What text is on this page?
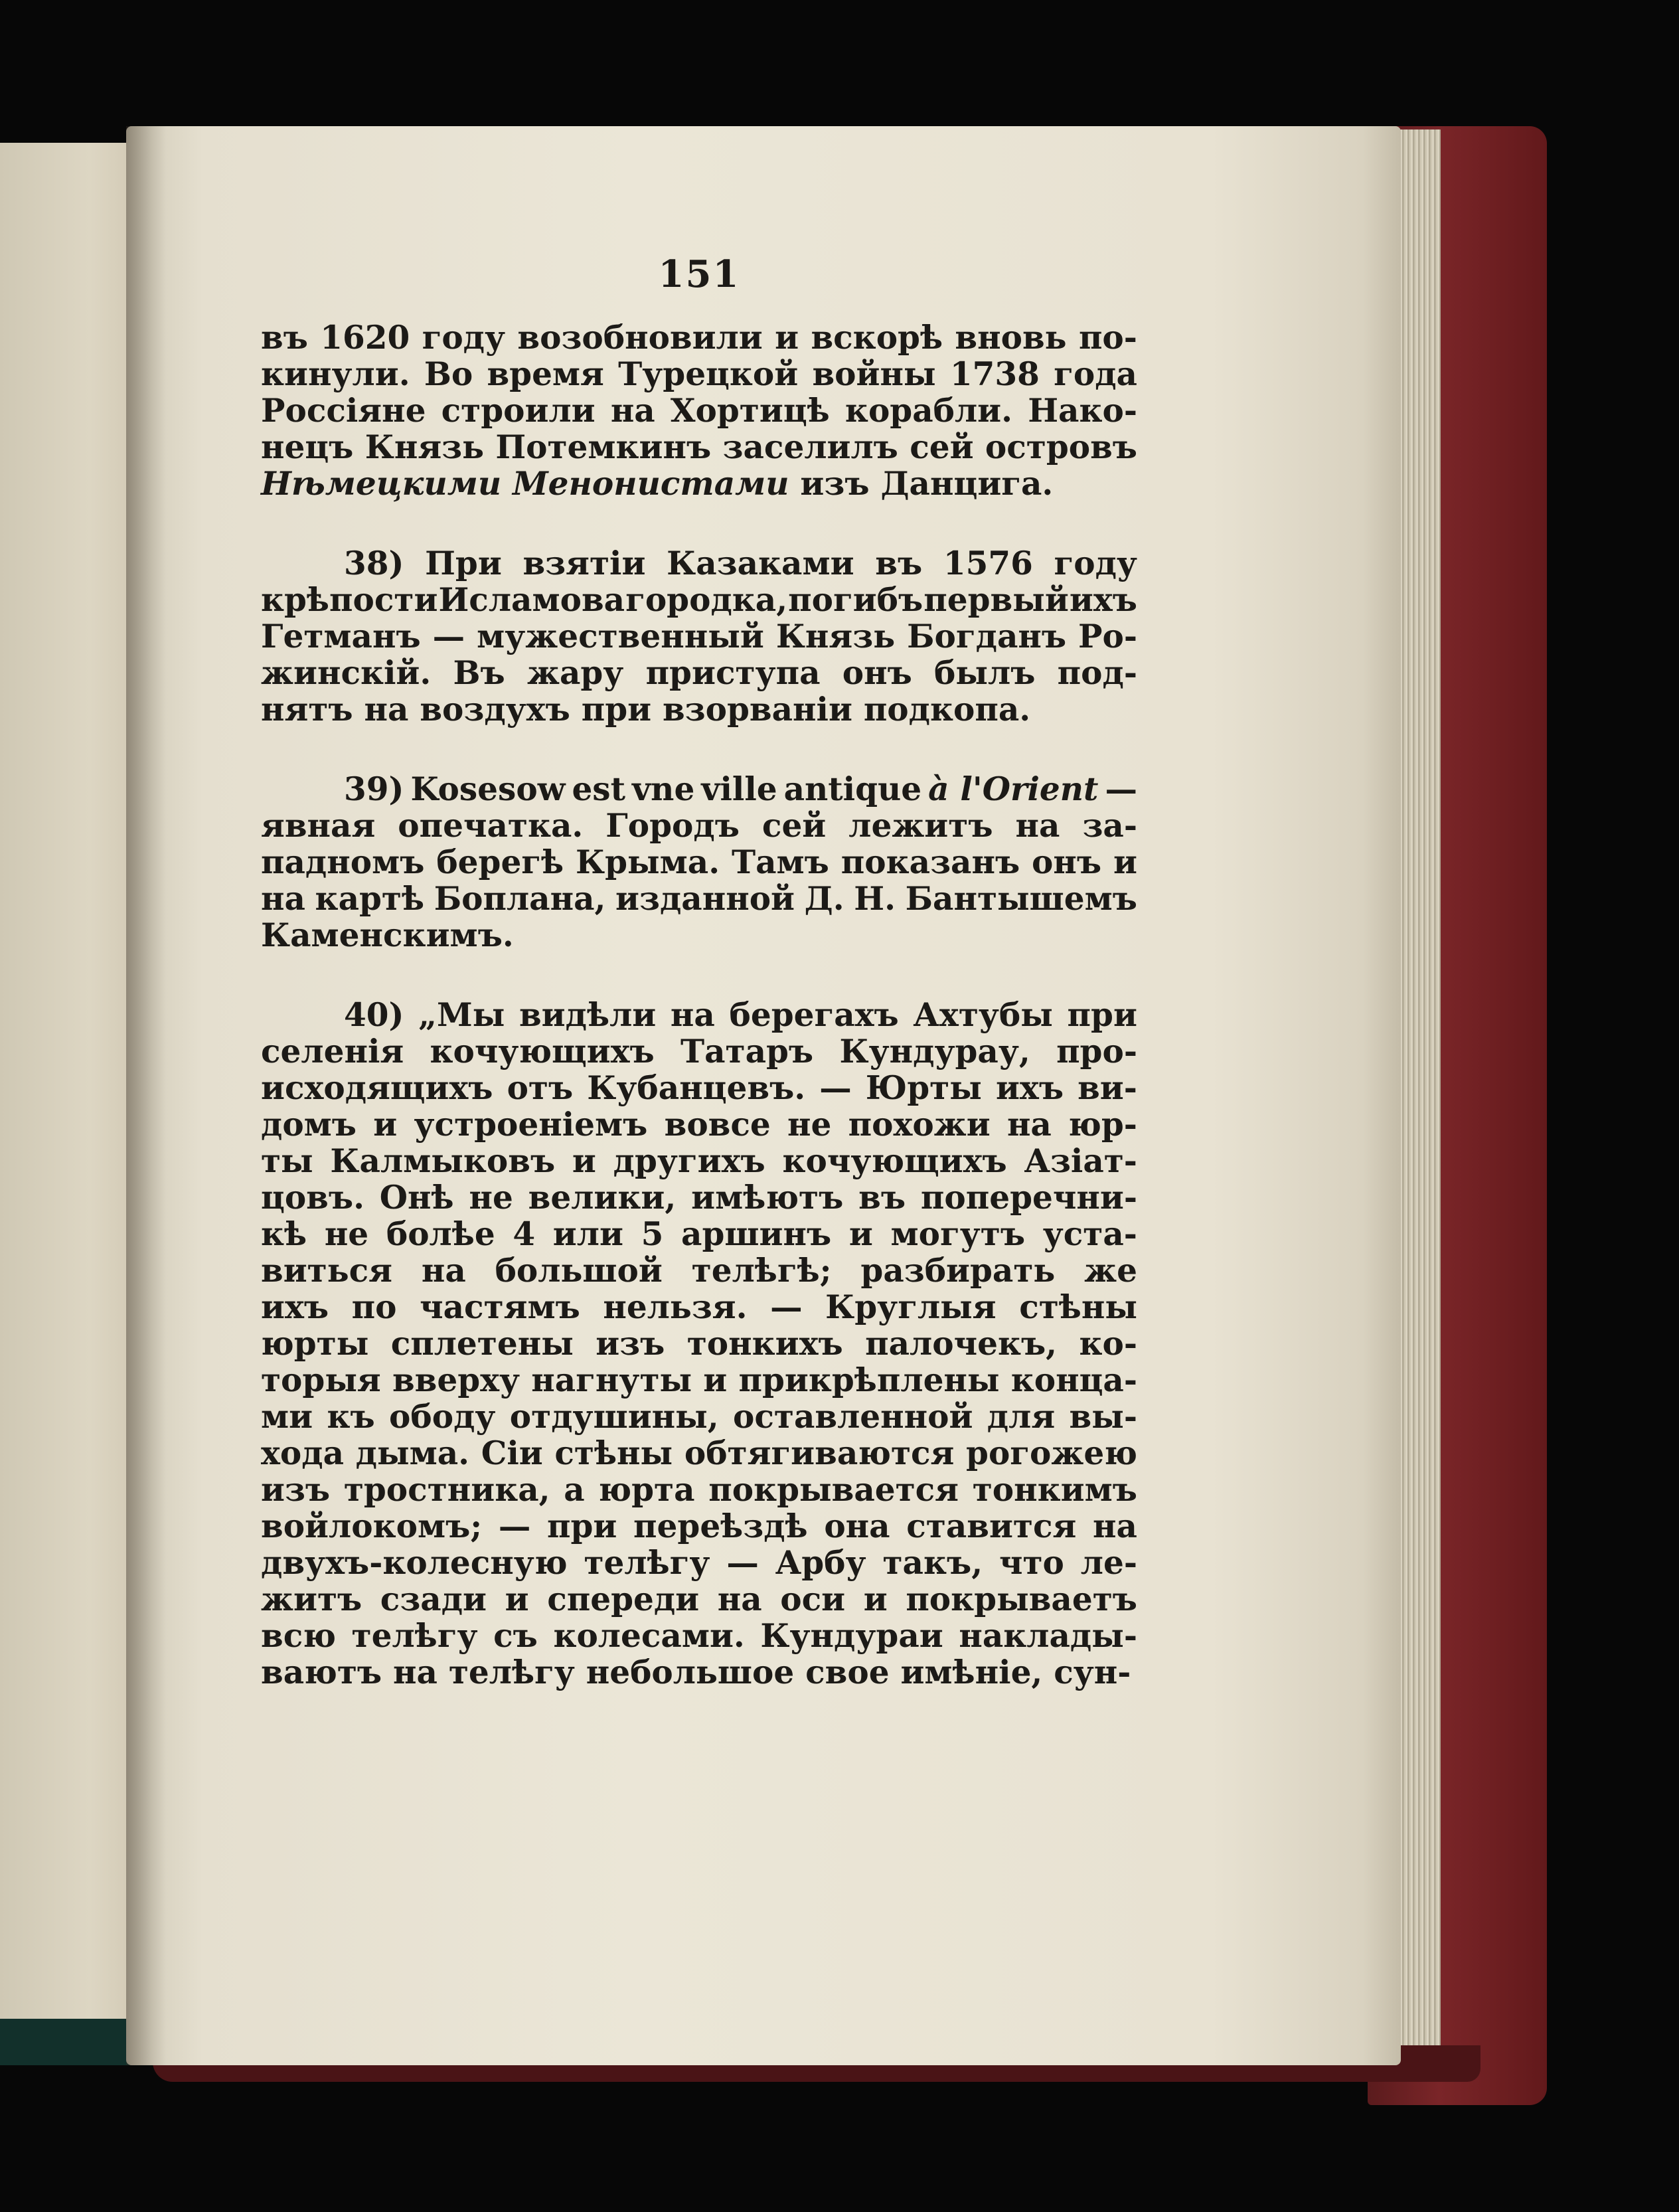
151
въ 1620 году возобновили и вскорѣ вновь по-
кинули. Во время Турецкой войны 1738 года
Россіяне строили на Хортицѣ корабли. Нако-
нецъ Князь Потемкинъ заселилъ сей островъ
Нѣмецкими Менонистами
изъ
Данцига.
38) При взятіи Казаками въ 1576 году
крѣпости Исламова городка, погибъ первый ихъ
Гетманъ — мужественный Князь Богданъ Ро-
жинскій. Въ жару приступа онъ былъ под-
нятъ
на
воздухъ
при
взорваніи
подкопа.
39) Kosesow est vne ville antique à l'Orient —
явная опечатка. Городъ сей лежитъ на за-
падномъ берегѣ Крыма. Тамъ показанъ онъ и
на картѣ Боплана, изданной Д. Н. Бантышемъ
Каменскимъ.
40) „Мы видѣли на берегахъ Ахтубы при
селенія кочующихъ Татаръ Кундурау, про-
исходящихъ отъ Кубанцевъ. — Юрты ихъ ви-
домъ и устроеніемъ вовсе не похожи на юр-
ты Калмыковъ и другихъ кочующихъ Азіат-
цовъ. Онѣ не велики, имѣютъ въ поперечни-
кѣ не болѣе 4 или 5 аршинъ и могутъ уста-
виться на большой телѣгѣ; разбирать же
ихъ по частямъ нельзя. — Круглыя стѣны
юрты сплетены изъ тонкихъ палочекъ, ко-
торыя вверху нагнуты и прикрѣплены конца-
ми къ ободу отдушины, оставленной для вы-
хода дыма. Сіи стѣны обтягиваются рогожею
изъ тростника, а юрта покрывается тонкимъ
войлокомъ; — при переѣздѣ она ставится на
двухъ-колесную телѣгу — Арбу такъ, что ле-
житъ сзади и спереди на оси и покрываетъ
всю телѣгу съ колесами. Кундураи наклады-
ваютъ
на
телѣгу
небольшое
свое
имѣніе,
сун-
